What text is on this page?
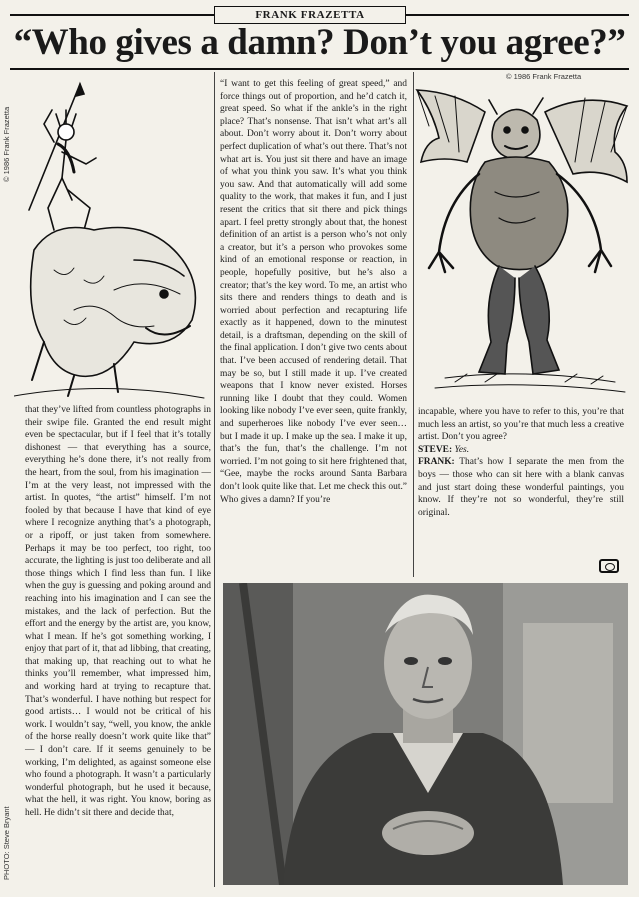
FRANK FRAZETTA
“Who gives a damn? Don’t you agree?”
© 1986 Frank Frazetta
© 1986 Frank Frazetta
PHOTO: Steve Bryant

that they’ve lifted from countless photographs in their swipe file. Granted the end result might even be spectacular, but if I feel that it’s totally dishonest — that everything has a source, everything he’s done there, it’s not really from the heart, from the soul, from his imagination — I’m at the very least, not impressed with the artist. In quotes, “the artist” himself. I’m not fooled by that because I have that kind of eye where I recognize anything that’s a photograph, or a ripoff, or just taken from somewhere. Perhaps it may be too perfect, too right, too accurate, the lighting is just too deliberate and all those things which I find less than fun. I like when the guy is guessing and poking around and reaching into his imagination and I can see the mistakes, and the lack of perfection. But the effort and the energy by the artist are, you know, what I mean. If he’s got something working, I enjoy that part of it, that ad libbing, that creating, that making up, that reaching out to what he thinks you’ll remember, what impressed him, and working hard at trying to recapture that. That’s wonderful. I have nothing but respect for good artists… I would not be critical of his work. I wouldn’t say, “well, you know, the ankle of the horse really doesn’t work quite like that” — I don’t care. If it seems genuinely to be working, I’m delighted, as against someone else who found a photograph. It wasn’t a particularly wonderful photograph, but he used it because, what the hell, it was right. You know, boring as hell. He didn’t sit there and decide that,

“I want to get this feeling of great speed,” and force things out of proportion, and he’d catch it, great speed. So what if the ankle’s in the right place? That’s nonsense. That isn’t what art’s all about. Don’t worry about it. Don’t worry about perfect duplication of what’s out there. That’s not what art is. You just sit there and have an image of what you think you saw. It’s what you think you saw. And that automatically will add some quality to the work, that makes it fun, and I just resent the critics that sit there and pick things apart. I feel pretty strongly about that, the honest definition of an artist is a person who’s not only a creator, but it’s a person who provokes some kind of an emotional response or reaction, in people, hopefully positive, but he’s also a creator; that’s the key word. To me, an artist who sits there and renders things to death and is worried about perfection and recapturing life exactly as it happened, down to the minutest detail, is a draftsman, depending on the skill of the final application. I don’t give two cents about that. I’ve been accused of rendering detail. That may be so, but I still made it up. I’ve created weapons that I know never existed. Horses running like I doubt that they could. Women looking like nobody I’ve ever seen, quite frankly, and superheroes like nobody I’ve ever seen… but I made it up. I make up the sea. I make it up, that’s the fun, that’s the challenge. I’m not worried. I’m not going to sit here frightened that, “Gee, maybe the rocks around Santa Barbara don’t look quite like that. Let me check this out.” Who gives a damn? If you’re

incapable, where you have to refer to this, you’re that much less an artist, so you’re that much less a creative artist. Don’t you agree?

STEVE: Yes.

FRANK: That’s how I separate the men from the boys — those who can sit here with a blank canvas and just start doing these wonderful paintings, you know. If they’re not so wonderful, they’re still original.
